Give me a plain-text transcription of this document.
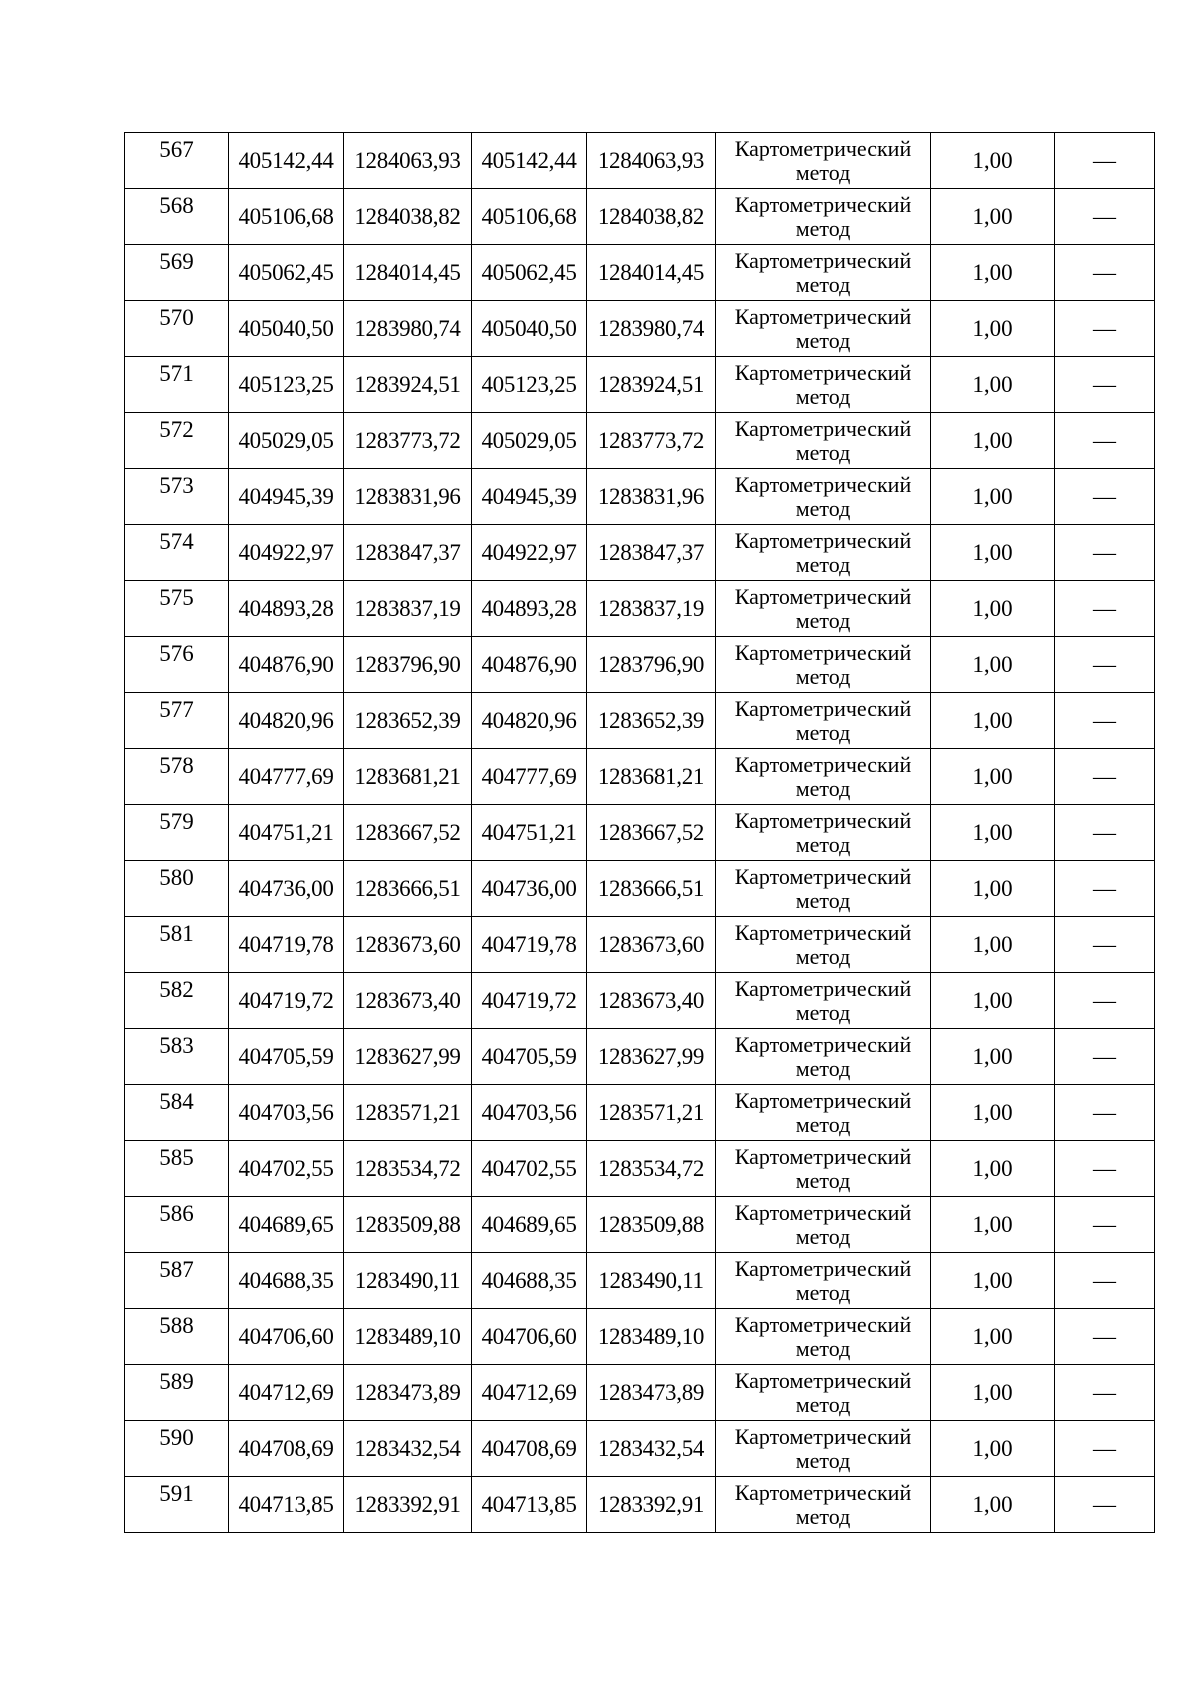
567	405142,44	1284063,93	405142,44	1284063,93	Картометрический
метод	1,00	—
568	405106,68	1284038,82	405106,68	1284038,82	Картометрический
метод	1,00	—
569	405062,45	1284014,45	405062,45	1284014,45	Картометрический
метод	1,00	—
570	405040,50	1283980,74	405040,50	1283980,74	Картометрический
метод	1,00	—
571	405123,25	1283924,51	405123,25	1283924,51	Картометрический
метод	1,00	—
572	405029,05	1283773,72	405029,05	1283773,72	Картометрический
метод	1,00	—
573	404945,39	1283831,96	404945,39	1283831,96	Картометрический
метод	1,00	—
574	404922,97	1283847,37	404922,97	1283847,37	Картометрический
метод	1,00	—
575	404893,28	1283837,19	404893,28	1283837,19	Картометрический
метод	1,00	—
576	404876,90	1283796,90	404876,90	1283796,90	Картометрический
метод	1,00	—
577	404820,96	1283652,39	404820,96	1283652,39	Картометрический
метод	1,00	—
578	404777,69	1283681,21	404777,69	1283681,21	Картометрический
метод	1,00	—
579	404751,21	1283667,52	404751,21	1283667,52	Картометрический
метод	1,00	—
580	404736,00	1283666,51	404736,00	1283666,51	Картометрический
метод	1,00	—
581	404719,78	1283673,60	404719,78	1283673,60	Картометрический
метод	1,00	—
582	404719,72	1283673,40	404719,72	1283673,40	Картометрический
метод	1,00	—
583	404705,59	1283627,99	404705,59	1283627,99	Картометрический
метод	1,00	—
584	404703,56	1283571,21	404703,56	1283571,21	Картометрический
метод	1,00	—
585	404702,55	1283534,72	404702,55	1283534,72	Картометрический
метод	1,00	—
586	404689,65	1283509,88	404689,65	1283509,88	Картометрический
метод	1,00	—
587	404688,35	1283490,11	404688,35	1283490,11	Картометрический
метод	1,00	—
588	404706,60	1283489,10	404706,60	1283489,10	Картометрический
метод	1,00	—
589	404712,69	1283473,89	404712,69	1283473,89	Картометрический
метод	1,00	—
590	404708,69	1283432,54	404708,69	1283432,54	Картометрический
метод	1,00	—
591	404713,85	1283392,91	404713,85	1283392,91	Картометрический
метод	1,00	—
